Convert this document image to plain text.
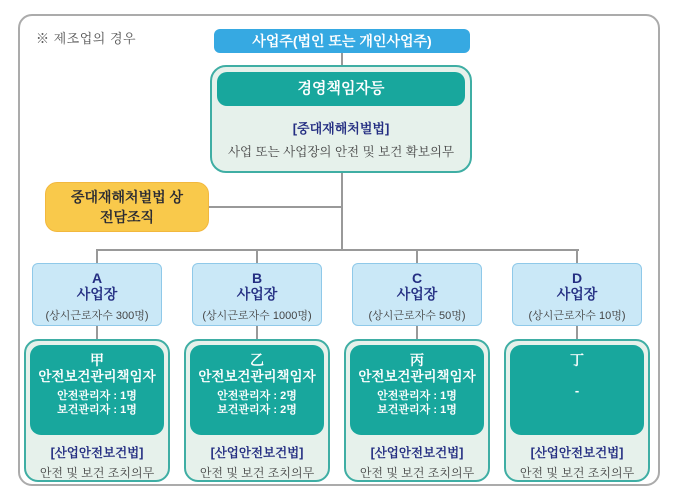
※ 제조업의 경우	사업주(법인 또는 개인사업주)
경영책임자등
[중대재해처벌법]
사업 또는 사업장의 안전 및 보건 확보의무
중대재해처벌법 상
전담조직
A
사업장
(상시근로자수 300명)
甲
안전보건관리책임자
안전관리자 : 1명
보건관리자 : 1명
[산업안전보건법]
안전 및 보건 조치의무
B
사업장
(상시근로자수 1000명)
乙
안전보건관리책임자
안전관리자 : 2명
보건관리자 : 2명
[산업안전보건법]
안전 및 보건 조치의무
C
사업장
(상시근로자수 50명)
丙
안전보건관리책임자
안전관리자 : 1명
보건관리자 : 1명
[산업안전보건법]
안전 및 보건 조치의무
D
사업장
(상시근로자수 10명)
丁
-
[산업안전보건법]
안전 및 보건 조치의무
